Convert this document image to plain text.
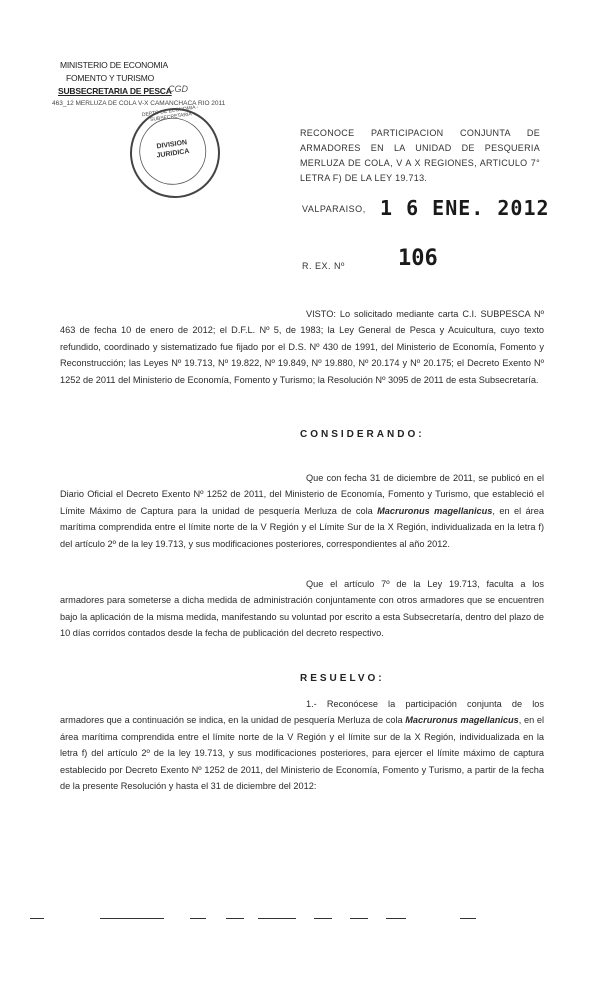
MINISTERIO DE ECONOMIA
FOMENTO Y TURISMO
SUBSECRETARIA DE PESCA
CGD
463_12 MERLUZA DE COLA V-X CAMANCHACA RIO 2011
DIVISION
JURIDICA
DEPTO DE ECONOMIA - SUBSECRETARIA
RECONOCE PARTICIPACION CONJUNTA DE ARMADORES EN LA UNIDAD DE PESQUERIA MERLUZA DE COLA, V A X REGIONES, ARTICULO 7° LETRA F) DE LA LEY 19.713.
VALPARAISO, 1 6 ENE. 2012
R. EX. Nº 106

VISTO: Lo solicitado mediante carta C.I. SUBPESCA Nº 463 de fecha 10 de enero de 2012; el D.F.L. Nº 5, de 1983; la Ley General de Pesca y Acuicultura, cuyo texto refundido, coordinado y sistematizado fue fijado por el D.S. Nº 430 de 1991, del Ministerio de Economía, Fomento y Reconstrucción; las Leyes Nº 19.713, Nº 19.822, Nº 19.849, Nº 19.880, Nº 20.174 y Nº 20.175; el Decreto Exento Nº 1252 de 2011 del Ministerio de Economía, Fomento y Turismo; la Resolución Nº 3095 de 2011 de esta Subsecretaría.

CONSIDERANDO:

Que con fecha 31 de diciembre de 2011, se publicó en el Diario Oficial el Decreto Exento Nº 1252 de 2011, del Ministerio de Economía, Fomento y Turismo, que estableció el Límite Máximo de Captura para la unidad de pesquería Merluza de cola Macruronus magellanicus, en el área marítima comprendida entre el límite norte de la V Región y el Límite Sur de la X Región, individualizada en la letra f) del artículo 2º de la ley 19.713, y sus modificaciones posteriores, correspondientes al año 2012.

Que el artículo 7º de la Ley 19.713, faculta a los armadores para someterse a dicha medida de administración conjuntamente con otros armadores que se encuentren bajo la aplicación de la misma medida, manifestando su voluntad por escrito a esta Subsecretaría, dentro del plazo de 10 días corridos contados desde la fecha de publicación del decreto respectivo.

RESUELVO:

1.- Reconócese la participación conjunta de los armadores que a continuación se indica, en la unidad de pesquería Merluza de cola Macruronus magellanicus, en el área marítima comprendida entre el límite norte de la V Región y el límite sur de la X Región, individualizada en la letra f) del artículo 2º de la ley 19.713, y sus modificaciones posteriores, para ejercer el límite máximo de captura establecido por Decreto Exento Nº 1252 de 2011, del Ministerio de Economía, Fomento y Turismo, a partir de la fecha de la presente Resolución y hasta el 31 de diciembre del 2012:
